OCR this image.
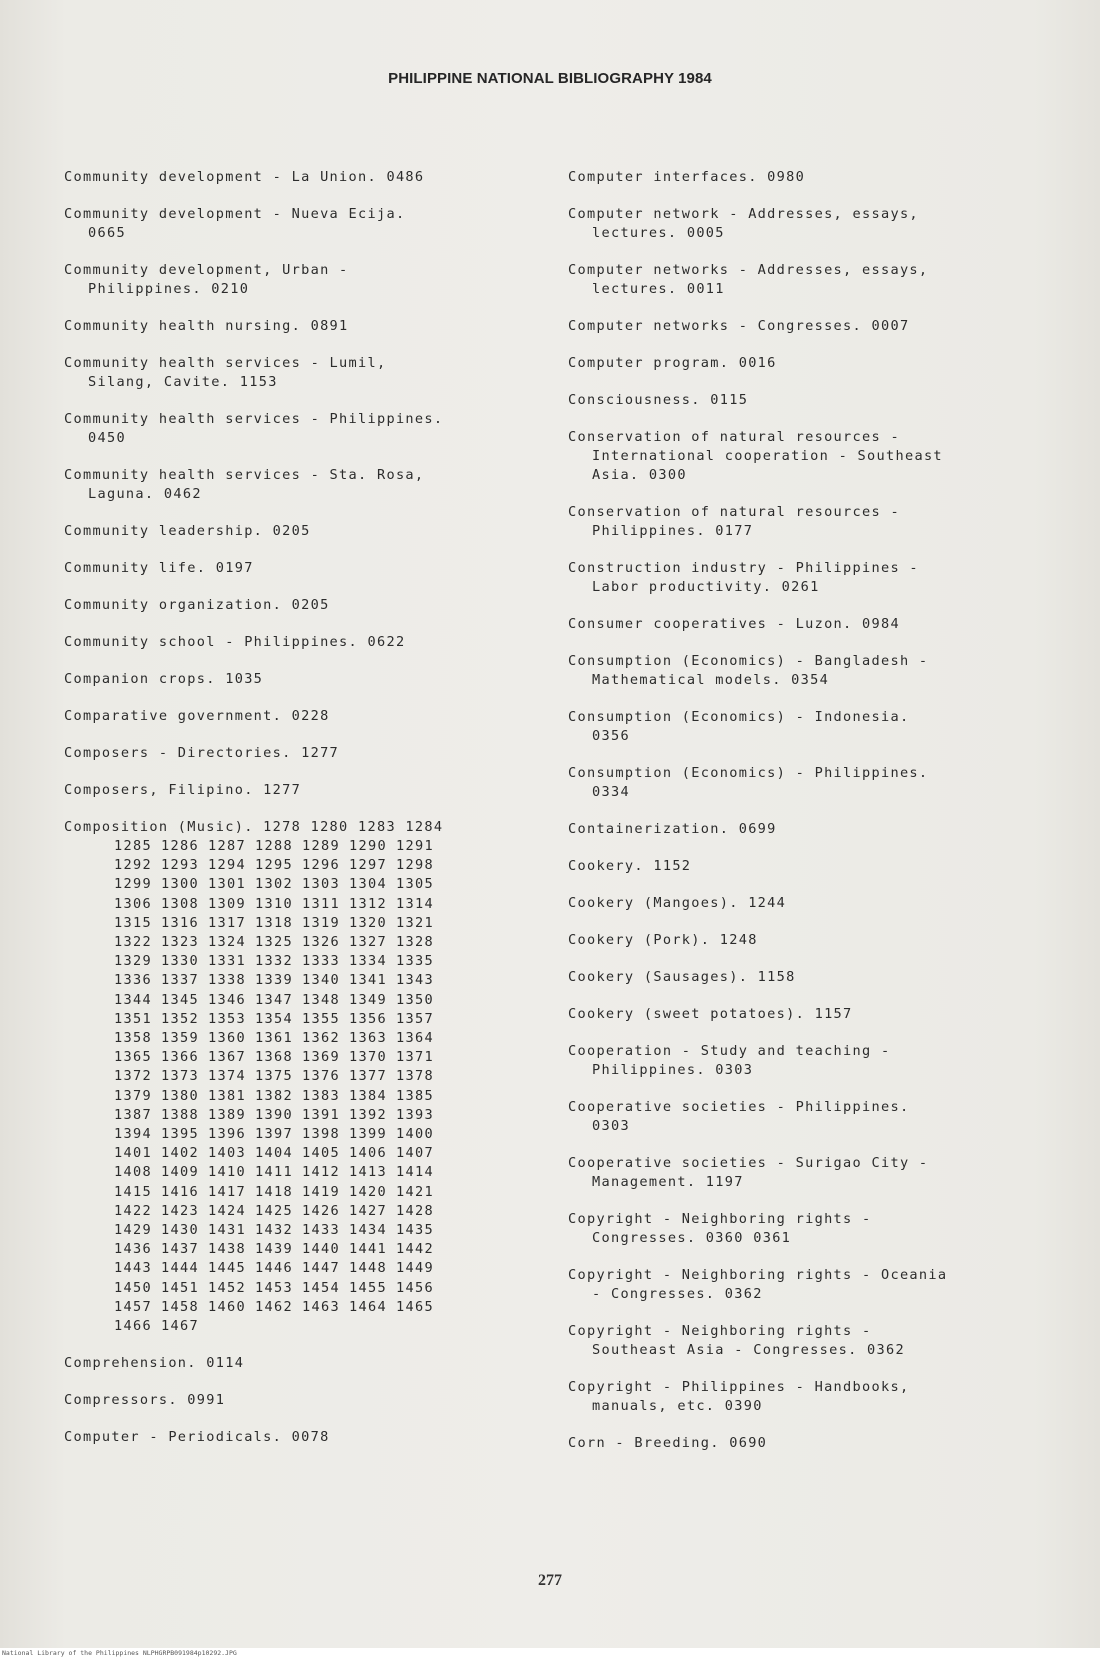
PHILIPPINE NATIONAL BIBLIOGRAPHY 1984
Community development - La Union. 0486
Community development - Nueva Ecija.
0665
Community development, Urban -
Philippines. 0210
Community health nursing. 0891
Community health services - Lumil,
Silang, Cavite. 1153
Community health services - Philippines.
0450
Community health services - Sta. Rosa,
Laguna. 0462
Community leadership. 0205
Community life. 0197
Community organization. 0205
Community school - Philippines. 0622
Companion crops. 1035
Comparative government. 0228
Composers - Directories. 1277
Composers, Filipino. 1277
Composition (Music). 1278 1280 1283 1284
1285 1286 1287 1288 1289 1290 1291
1292 1293 1294 1295 1296 1297 1298
1299 1300 1301 1302 1303 1304 1305
1306 1308 1309 1310 1311 1312 1314
1315 1316 1317 1318 1319 1320 1321
1322 1323 1324 1325 1326 1327 1328
1329 1330 1331 1332 1333 1334 1335
1336 1337 1338 1339 1340 1341 1343
1344 1345 1346 1347 1348 1349 1350
1351 1352 1353 1354 1355 1356 1357
1358 1359 1360 1361 1362 1363 1364
1365 1366 1367 1368 1369 1370 1371
1372 1373 1374 1375 1376 1377 1378
1379 1380 1381 1382 1383 1384 1385
1387 1388 1389 1390 1391 1392 1393
1394 1395 1396 1397 1398 1399 1400
1401 1402 1403 1404 1405 1406 1407
1408 1409 1410 1411 1412 1413 1414
1415 1416 1417 1418 1419 1420 1421
1422 1423 1424 1425 1426 1427 1428
1429 1430 1431 1432 1433 1434 1435
1436 1437 1438 1439 1440 1441 1442
1443 1444 1445 1446 1447 1448 1449
1450 1451 1452 1453 1454 1455 1456
1457 1458 1460 1462 1463 1464 1465
1466 1467
Comprehension. 0114
Compressors. 0991
Computer - Periodicals. 0078
Computer interfaces. 0980
Computer network - Addresses, essays,
lectures. 0005
Computer networks - Addresses, essays,
lectures. 0011
Computer networks - Congresses. 0007
Computer program. 0016
Consciousness. 0115
Conservation of natural resources -
International cooperation - Southeast
Asia. 0300
Conservation of natural resources -
Philippines. 0177
Construction industry - Philippines -
Labor productivity. 0261
Consumer cooperatives - Luzon. 0984
Consumption (Economics) - Bangladesh -
Mathematical models. 0354
Consumption (Economics) - Indonesia.
0356
Consumption (Economics) - Philippines.
0334
Containerization. 0699
Cookery. 1152
Cookery (Mangoes). 1244
Cookery (Pork). 1248
Cookery (Sausages). 1158
Cookery (sweet potatoes). 1157
Cooperation - Study and teaching -
Philippines. 0303
Cooperative societies - Philippines.
0303
Cooperative societies - Surigao City -
Management. 1197
Copyright - Neighboring rights -
Congresses. 0360 0361
Copyright - Neighboring rights - Oceania
- Congresses. 0362
Copyright - Neighboring rights -
Southeast Asia - Congresses. 0362
Copyright - Philippines - Handbooks,
manuals, etc. 0390
Corn - Breeding. 0690
277
National Library of the Philippines NLPHGRPB091984p10292.JPG
